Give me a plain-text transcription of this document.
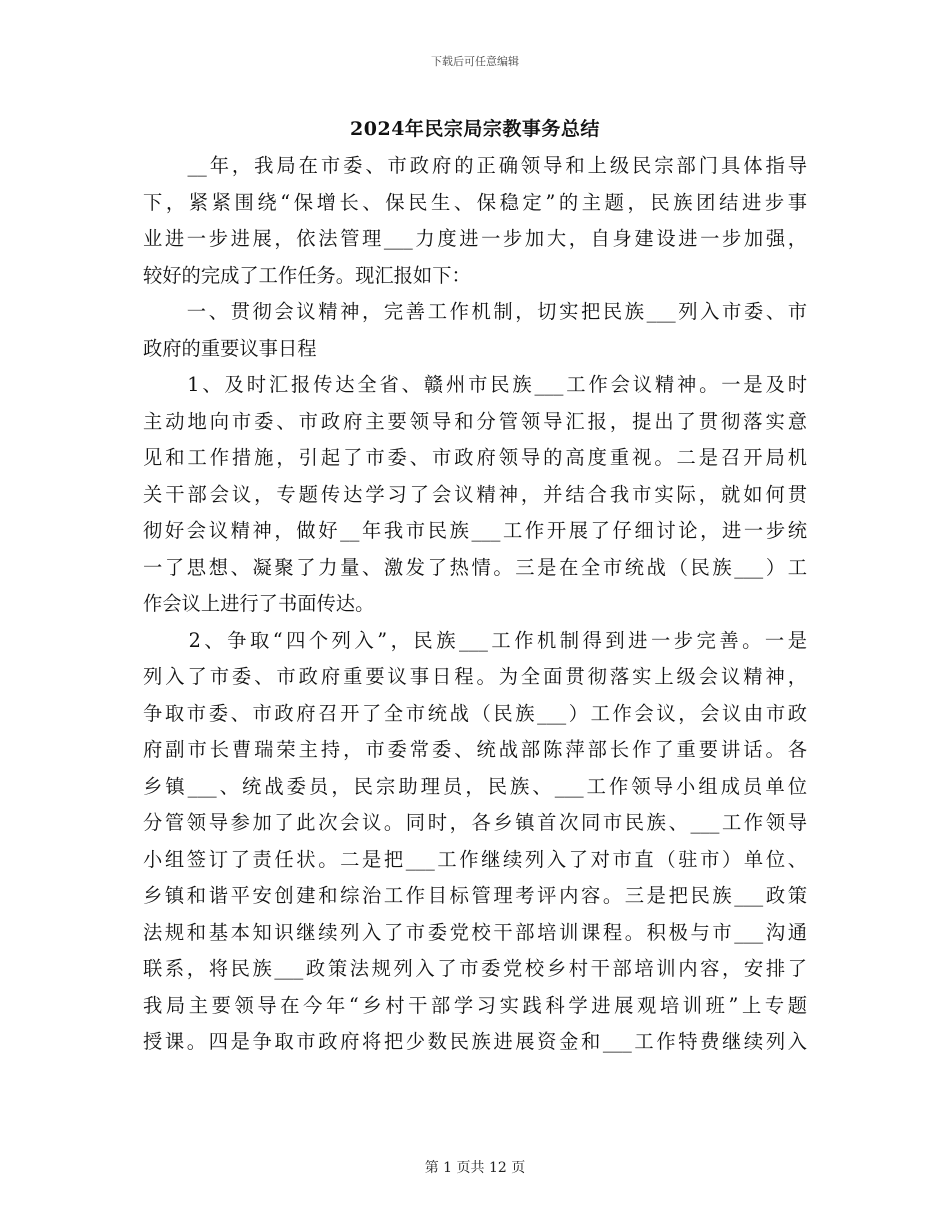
下载后可任意编辑
2024年民宗局宗教事务总结
　　__年，我局在市委、市政府的正确领导和上级民宗部门具体指导
下，紧紧围绕“保增长、保民生、保稳定”的主题，民族团结进步事
业进一步进展，依法管理___力度进一步加大，自身建设进一步加强，
较好的完成了工作任务。现汇报如下：
　　一、贯彻会议精神，完善工作机制，切实把民族___列入市委、市
政府的重要议事日程
　　1、及时汇报传达全省、赣州市民族___工作会议精神。一是及时
主动地向市委、市政府主要领导和分管领导汇报，提出了贯彻落实意
见和工作措施，引起了市委、市政府领导的高度重视。二是召开局机
关干部会议，专题传达学习了会议精神，并结合我市实际，就如何贯
彻好会议精神，做好__年我市民族___工作开展了仔细讨论，进一步统
一了思想、凝聚了力量、激发了热情。三是在全市统战（民族___）工
作会议上进行了书面传达。
　　2、争取“四个列入”，民族___工作机制得到进一步完善。一是
列入了市委、市政府重要议事日程。为全面贯彻落实上级会议精神，
争取市委、市政府召开了全市统战（民族___）工作会议，会议由市政
府副市长曹瑞荣主持，市委常委、统战部陈萍部长作了重要讲话。各
乡镇___、统战委员，民宗助理员，民族、___工作领导小组成员单位
分管领导参加了此次会议。同时，各乡镇首次同市民族、___工作领导
小组签订了责任状。二是把___工作继续列入了对市直（驻市）单位、
乡镇和谐平安创建和综治工作目标管理考评内容。三是把民族___政策
法规和基本知识继续列入了市委党校干部培训课程。积极与市___沟通
联系，将民族___政策法规列入了市委党校乡村干部培训内容，安排了
我局主要领导在今年“乡村干部学习实践科学进展观培训班”上专题
授课。四是争取市政府将把少数民族进展资金和___工作特费继续列入
第 1 页共 12 页
